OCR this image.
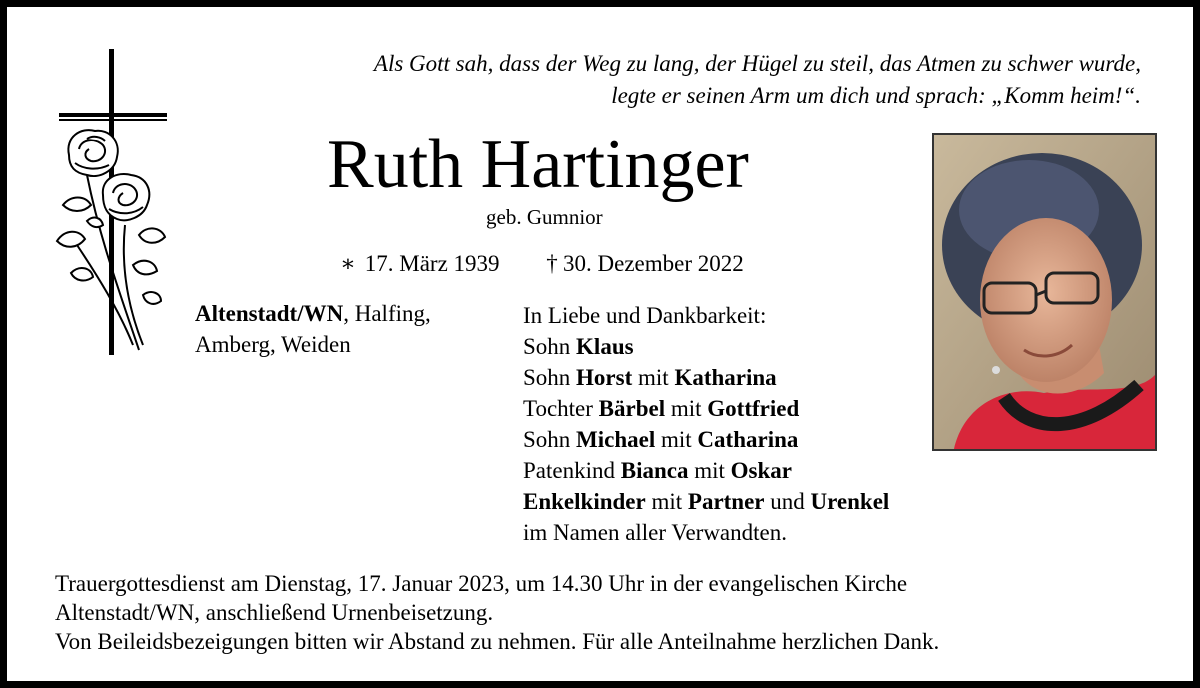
Als Gott sah, dass der Weg zu lang, der Hügel zu steil, das Atmen zu schwer wurde,
legte er seinen Arm um dich und sprach: „Komm heim!“.
Ruth Hartinger
geb. Gumnior
∗ 17. März 1939 † 30. Dezember 2022
Altenstadt/WN, Halfing,
Amberg, Weiden
In Liebe und Dankbarkeit:
Sohn Klaus
Sohn Horst mit Katharina
Tochter Bärbel mit Gottfried
Sohn Michael mit Catharina
Patenkind Bianca mit Oskar
Enkelkinder mit Partner und Urenkel
im Namen aller Verwandten.
Trauergottesdienst am Dienstag, 17. Januar 2023, um 14.30 Uhr in der evangelischen Kirche
Altenstadt/WN, anschließend Urnenbeisetzung.
Von Beileidsbezeigungen bitten wir Abstand zu nehmen. Für alle Anteilnahme herzlichen Dank.
